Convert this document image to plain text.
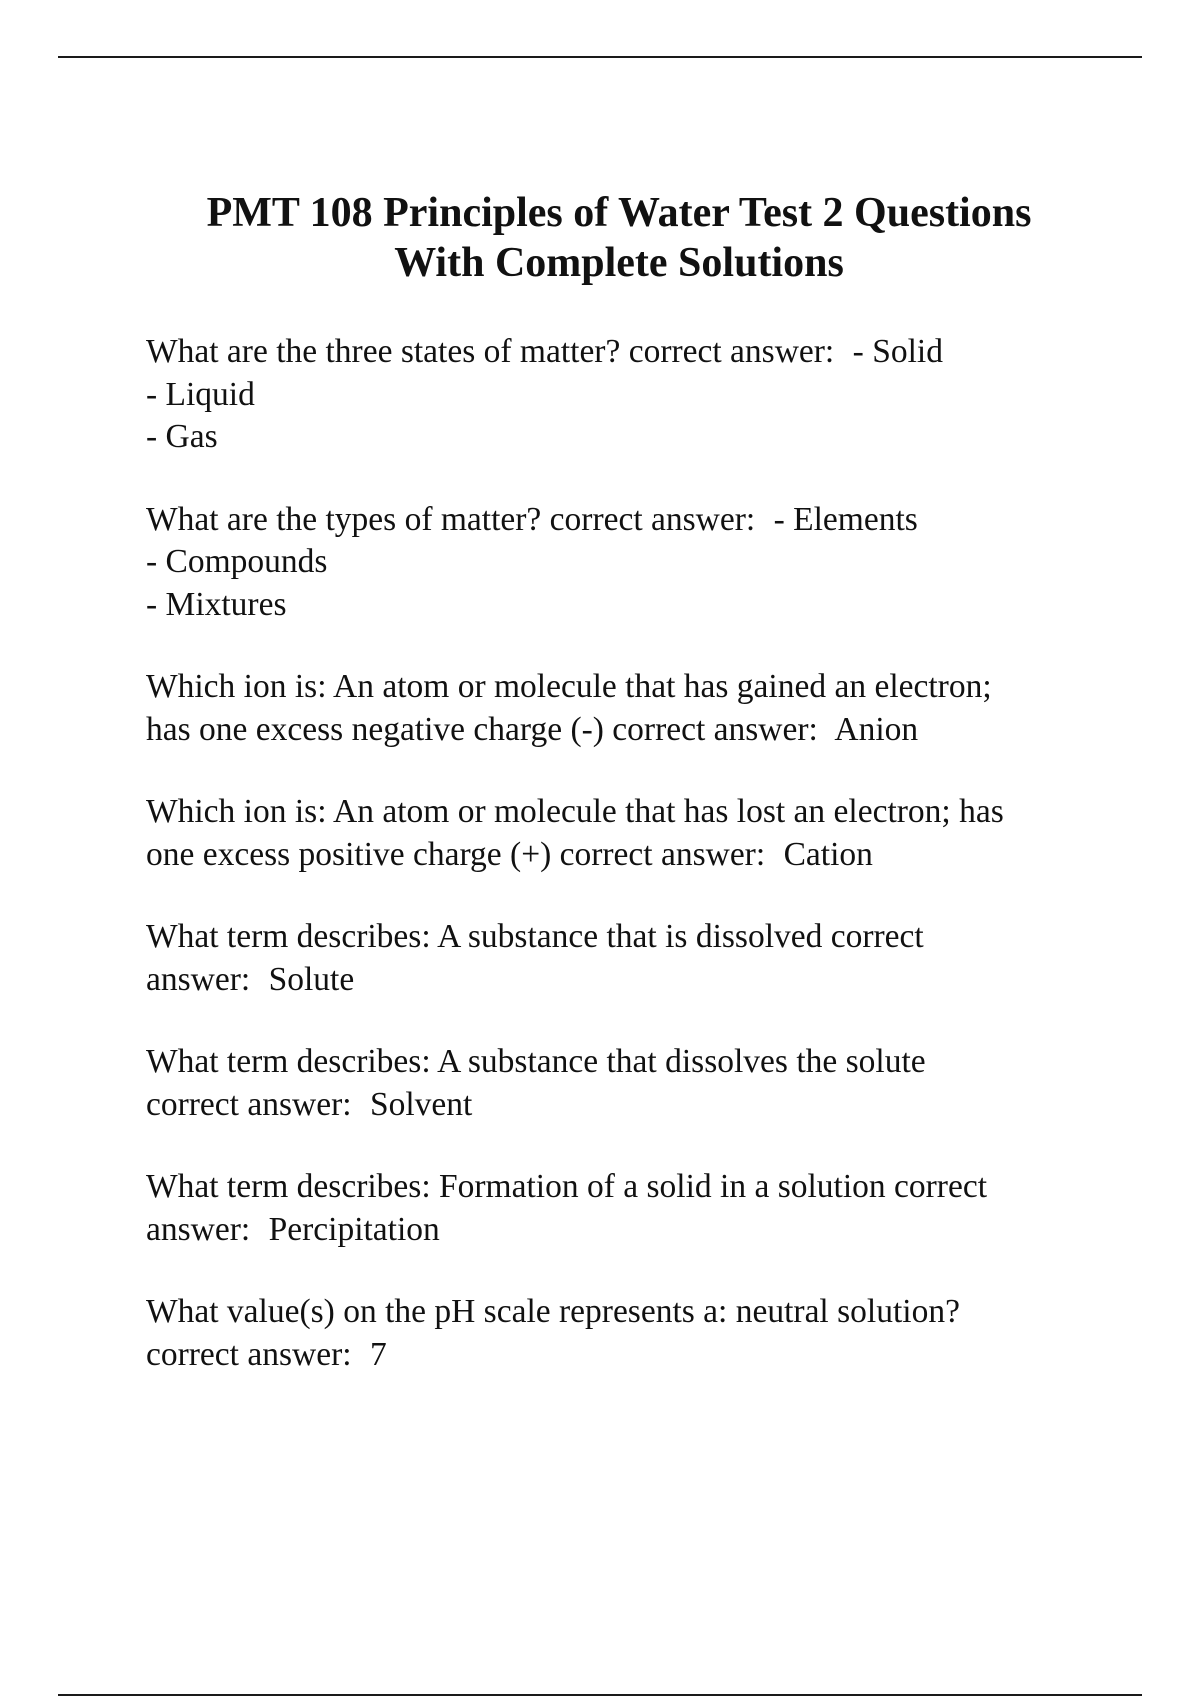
PMT 108 Principles of Water Test 2 Questions
With Complete Solutions
What are the three states of matter? correct answer: - Solid
- Liquid
- Gas
What are the types of matter? correct answer: - Elements
- Compounds
- Mixtures
Which ion is: An atom or molecule that has gained an electron;
has one excess negative charge (-) correct answer: Anion
Which ion is: An atom or molecule that has lost an electron; has
one excess positive charge (+) correct answer: Cation
What term describes: A substance that is dissolved correct
answer: Solute
What term describes: A substance that dissolves the solute
correct answer: Solvent
What term describes: Formation of a solid in a solution correct
answer: Percipitation
What value(s) on the pH scale represents a: neutral solution?
correct answer: 7
